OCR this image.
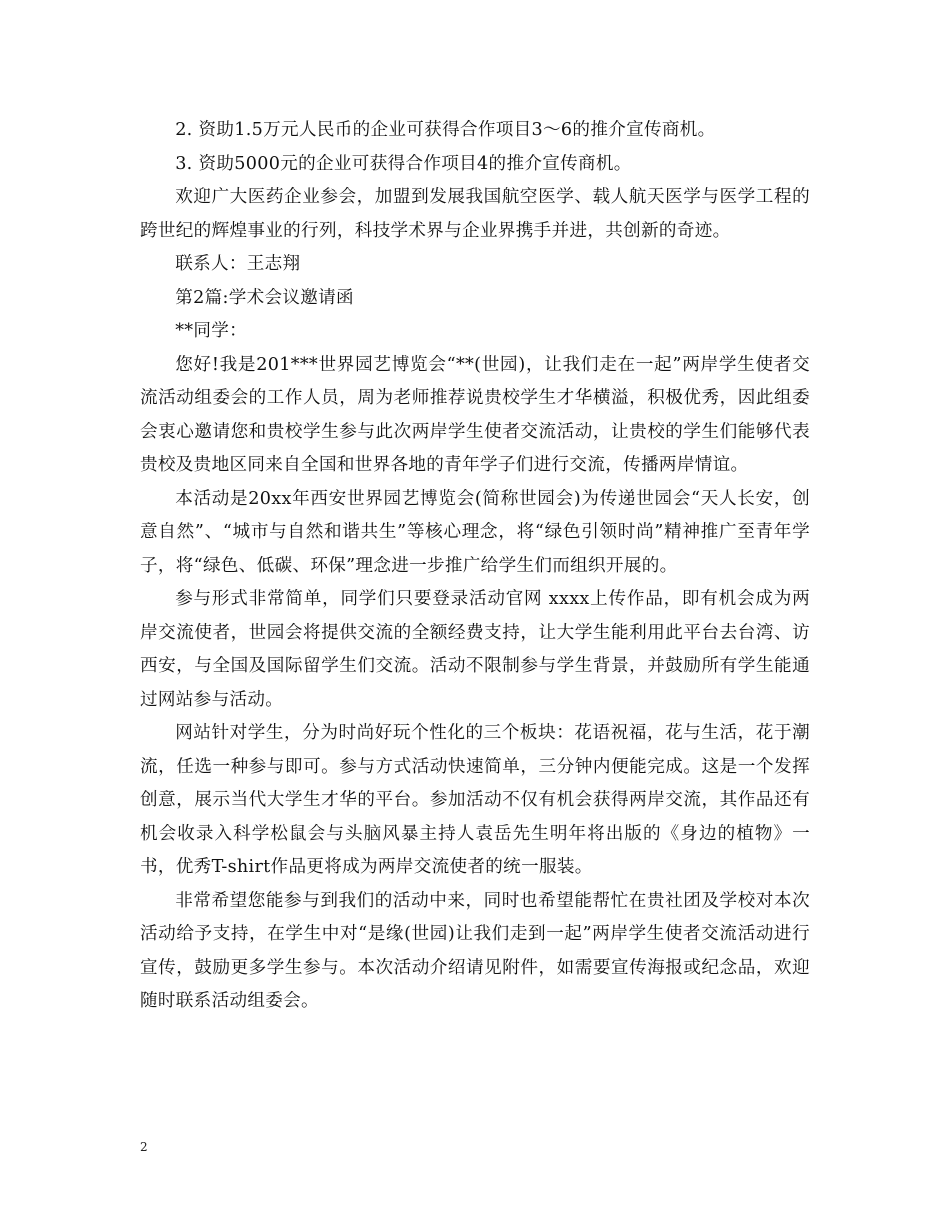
2. 资助1.5万元人民币的企业可获得合作项目3～6的推介宣传商机。

3. 资助5000元的企业可获得合作项目4的推介宣传商机。

欢迎广大医药企业参会，加盟到发展我国航空医学、载人航天医学与医学工程的跨世纪的辉煌事业的行列，科技学术界与企业界携手并进，共创新的奇迹。

联系人：王志翔

第2篇:学术会议邀请函

**同学：

您好!我是201***世界园艺博览会“**(世园)，让我们走在一起”两岸学生使者交流活动组委会的工作人员，周为老师推荐说贵校学生才华横溢，积极优秀，因此组委会衷心邀请您和贵校学生参与此次两岸学生使者交流活动，让贵校的学生们能够代表贵校及贵地区同来自全国和世界各地的青年学子们进行交流，传播两岸情谊。

本活动是20xx年西安世界园艺博览会(简称世园会)为传递世园会“天人长安，创意自然”、“城市与自然和谐共生”等核心理念，将“绿色引领时尚”精神推广至青年学子，将“绿色、低碳、环保”理念进一步推广给学生们而组织开展的。

参与形式非常简单，同学们只要登录活动官网 xxxx上传作品，即有机会成为两岸交流使者，世园会将提供交流的全额经费支持，让大学生能利用此平台去台湾、访西安，与全国及国际留学生们交流。活动不限制参与学生背景，并鼓励所有学生能通过网站参与活动。

网站针对学生，分为时尚好玩个性化的三个板块：花语祝福，花与生活，花于潮流，任选一种参与即可。参与方式活动快速简单，三分钟内便能完成。这是一个发挥创意，展示当代大学生才华的平台。参加活动不仅有机会获得两岸交流，其作品还有机会收录入科学松鼠会与头脑风暴主持人袁岳先生明年将出版的《身边的植物》一书，优秀T-shirt作品更将成为两岸交流使者的统一服装。

非常希望您能参与到我们的活动中来，同时也希望能帮忙在贵社团及学校对本次活动给予支持，在学生中对“是缘(世园)让我们走到一起”两岸学生使者交流活动进行宣传，鼓励更多学生参与。本次活动介绍请见附件，如需要宣传海报或纪念品，欢迎随时联系活动组委会。

2
